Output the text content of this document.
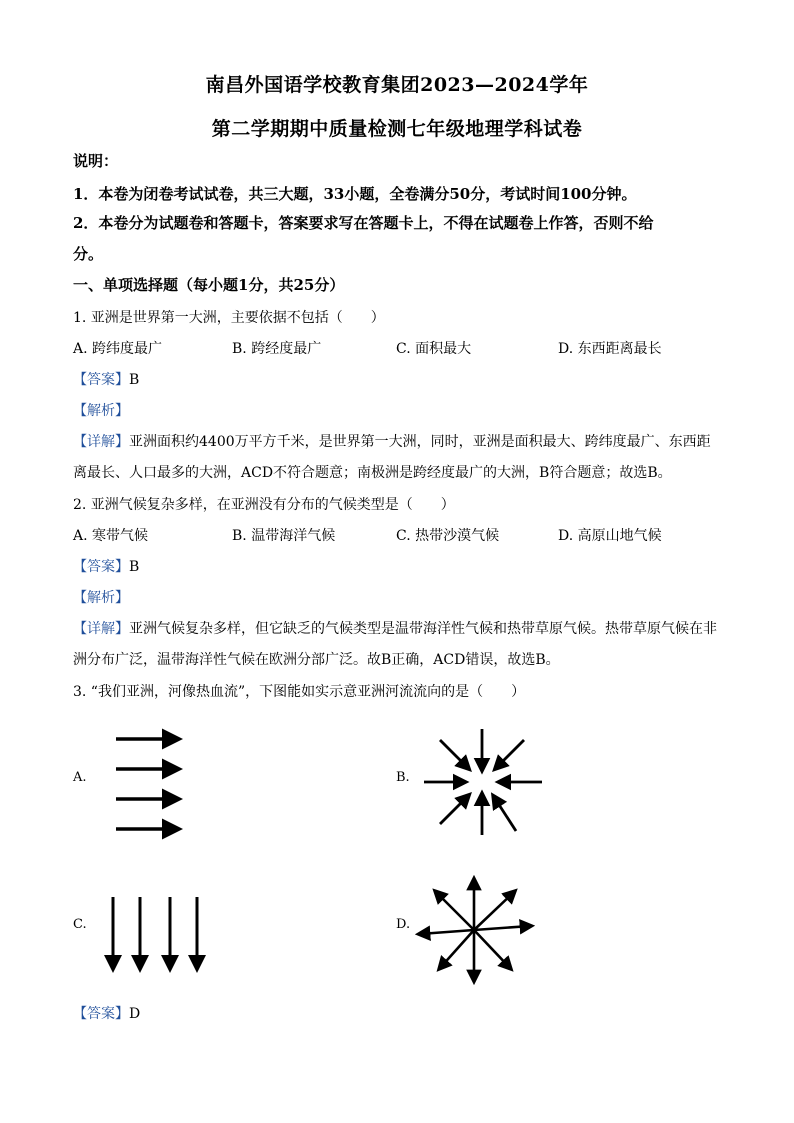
南昌外国语学校教育集团2023—2024学年
第二学期期中质量检测七年级地理学科试卷
说明：
1．本卷为闭卷考试试卷，共三大题，33小题，全卷满分50分，考试时间100分钟。
2．本卷分为试题卷和答题卡，答案要求写在答题卡上，不得在试题卷上作答，否则不给
分。
一、单项选择题（每小题1分，共25分）
1. 亚洲是世界第一大洲，主要依据不包括（　　）
A. 跨纬度最广	B. 跨经度最广	C. 面积最大	D. 东西距离最长
【答案】B
【解析】
【详解】亚洲面积约4400万平方千米，是世界第一大洲，同时，亚洲是面积最大、跨纬度最广、东西距
离最长、人口最多的大洲，ACD不符合题意；南极洲是跨经度最广的大洲，B符合题意；故选B。
2. 亚洲气候复杂多样，在亚洲没有分布的气候类型是（　　）
A. 寒带气候	B. 温带海洋气候	C. 热带沙漠气候	D. 高原山地气候
【答案】B
【解析】
【详解】亚洲气候复杂多样，但它缺乏的气候类型是温带海洋性气候和热带草原气候。热带草原气候在非
洲分布广泛，温带海洋性气候在欧洲分部广泛。故B正确，ACD错误，故选B。
3. “我们亚洲，河像热血流”，下图能如实示意亚洲河流流向的是（　　）
A.	B.
C.	D.
【答案】D
